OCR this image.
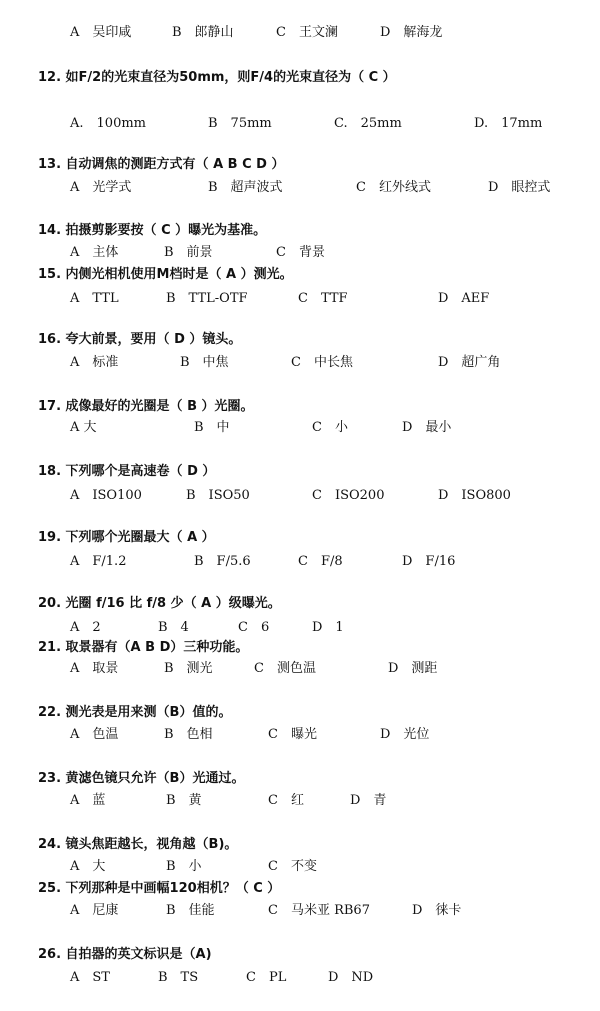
A　吴印咸	B　郎静山	C　王文澜	D　解海龙
12. 如F/2的光束直径为50mm，则F/4的光束直径为（ C ）
A.　100mm	B　75mm	C.　25mm	D.　17mm
13. 自动调焦的测距方式有（ A B C D ）
A　光学式	B　超声波式	C　红外线式	D　眼控式
14. 拍摄剪影要按（ C ）曝光为基准。
A　主体	B　前景	C　背景
15. 内侧光相机使用M档时是（ A ）测光。
A　TTL	B　TTL-OTF	C　TTF	D　AEF
16. 夸大前景，要用（ D ）镜头。
A　标准	B　中焦	C　中长焦	D　超广角
17. 成像最好的光圈是（ B ）光圈。
A 大	B　中	C　小	D　最小
18. 下列哪个是高速卷（ D ）
A　ISO100	B　ISO50	C　ISO200	D　ISO800
19. 下列哪个光圈最大（ A ）
A　F/1.2	B　F/5.6	C　F/8	D　F/16
20. 光圈 f/16 比 f/8 少（ A ）级曝光。
A　2	B　4	C　6	D　1
21. 取景器有（A B D）三种功能。
A　取景	B　测光	C　测色温	D　测距
22. 测光表是用来测（B）值的。
A　色温	B　色相	C　曝光	D　光位
23. 黄滤色镜只允许（B）光通过。
A　蓝	B　黄	C　红	D　青
24. 镜头焦距越长，视角越（B)。
A　大	B　小	C　不变
25. 下列那种是中画幅120相机？（ C ）
A　尼康	B　佳能	C　马米亚 RB67	D　徕卡
26. 自拍器的英文标识是（A)
A　ST	B　TS	C　PL	D　ND
